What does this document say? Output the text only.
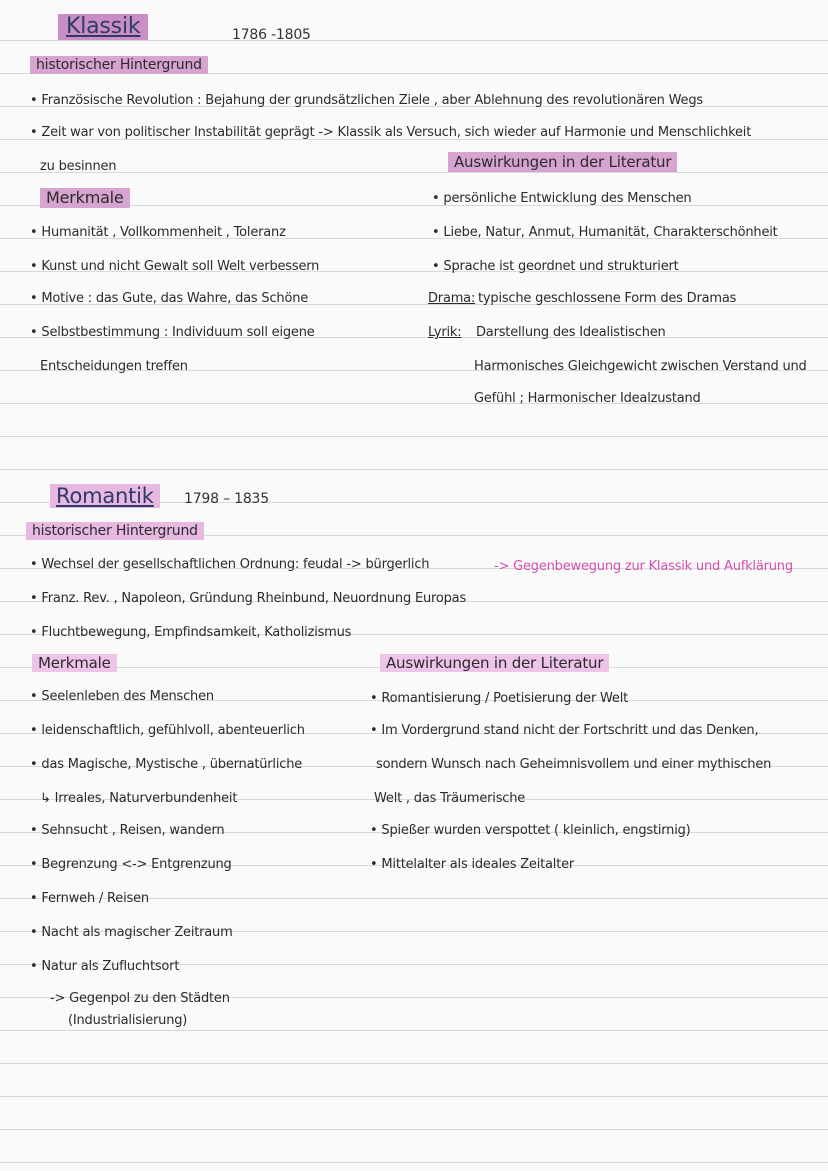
Klassik	1786 -1805
historischer Hintergrund
• Französische Revolution : Bejahung der grundsätzlichen Ziele , aber Ablehnung des revolutionären Wegs
• Zeit war von politischer Instabilität geprägt -> Klassik als Versuch, sich wieder auf Harmonie und Menschlichkeit
zu besinnen
Merkmale
• Humanität , Vollkommenheit , Toleranz
• Kunst und nicht Gewalt soll Welt verbessern
• Motive : das Gute, das Wahre, das Schöne
• Selbstbestimmung : Individuum soll eigene
Entscheidungen treffen
Auswirkungen in der Literatur
• persönliche Entwicklung des Menschen
• Liebe, Natur, Anmut, Humanität, Charakterschönheit
• Sprache ist geordnet und strukturiert
Drama: typische geschlossene Form des Dramas
Lyrik: Darstellung des Idealistischen
Harmonisches Gleichgewicht zwischen Verstand und
Gefühl ; Harmonischer Idealzustand
Romantik	1798 – 1835
historischer Hintergrund
• Wechsel der gesellschaftlichen Ordnung: feudal -> bürgerlich	-> Gegenbewegung zur Klassik und Aufklärung
• Franz. Rev. , Napoleon, Gründung Rheinbund, Neuordnung Europas
• Fluchtbewegung, Empfindsamkeit, Katholizismus
Merkmale
• Seelenleben des Menschen
• leidenschaftlich, gefühlvoll, abenteuerlich
• das Magische, Mystische , übernatürliche
↳ Irreales, Naturverbundenheit
• Sehnsucht , Reisen, wandern
• Begrenzung <-> Entgrenzung
• Fernweh / Reisen
• Nacht als magischer Zeitraum
• Natur als Zufluchtsort
-> Gegenpol zu den Städten
(Industrialisierung)
Auswirkungen in der Literatur
• Romantisierung / Poetisierung der Welt
• Im Vordergrund stand nicht der Fortschritt und das Denken,
sondern Wunsch nach Geheimnisvollem und einer mythischen
Welt , das Träumerische
• Spießer wurden verspottet ( kleinlich, engstirnig)
• Mittelalter als ideales Zeitalter
